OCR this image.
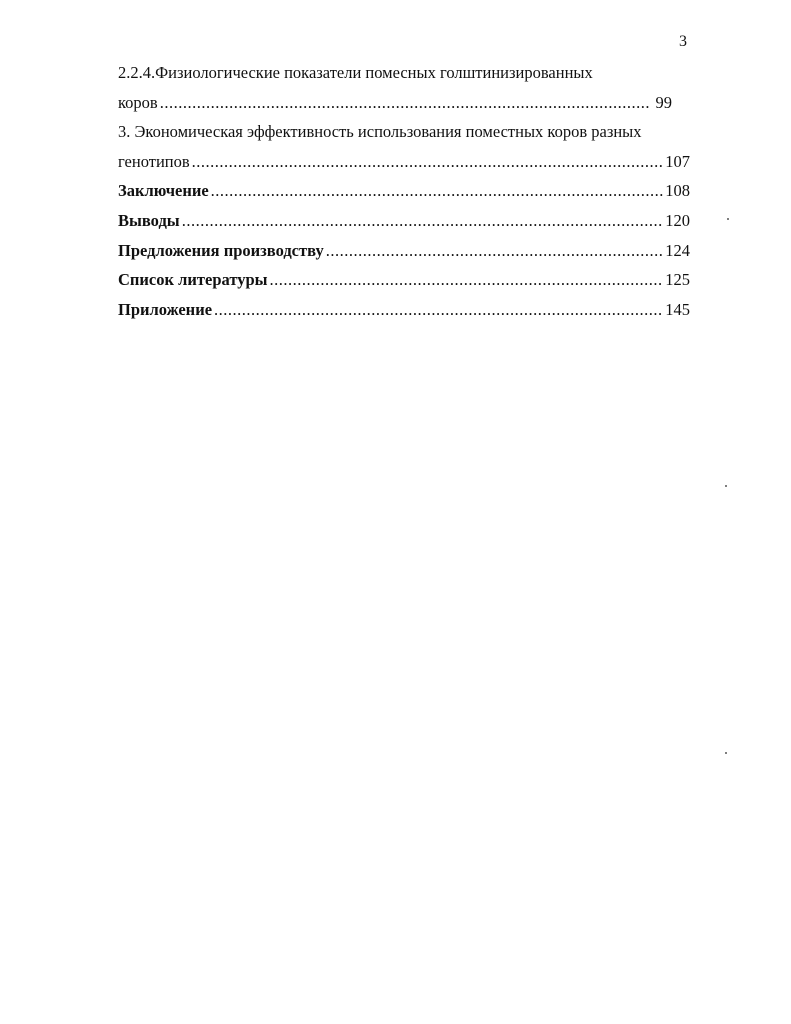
3
2.2.4.Физиологические показатели помесных голштинизированных
коров .....	99
3. Экономическая эффективность использования поместных коров разных
генотипов .....	107
Заключение .....	108
Выводы .....	120
Предложения производству .....	124
Список литературы .....	125
Приложение .....	145
